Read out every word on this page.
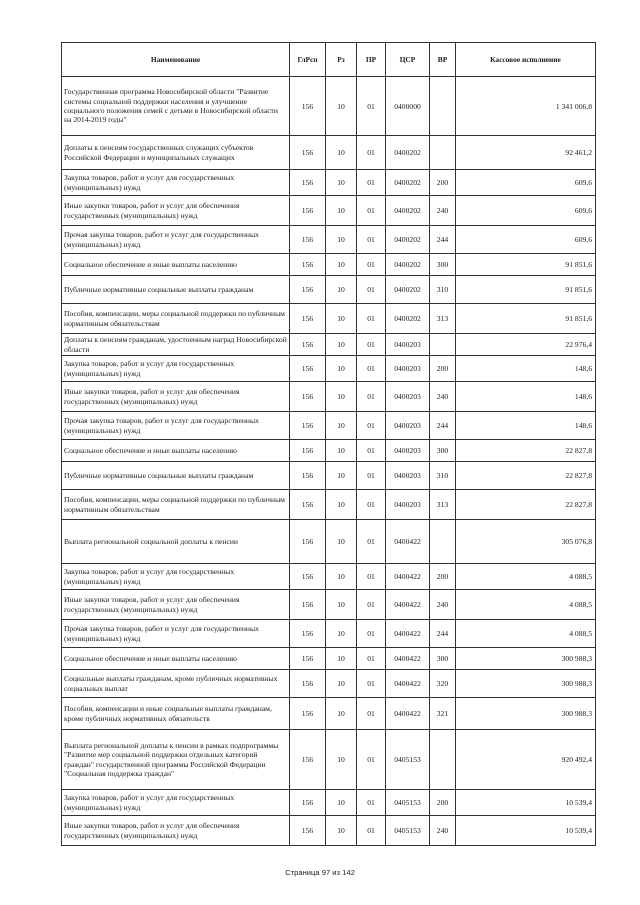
Наименование	ГлРсп	Рз	ПР	ЦСР	ВР	Кассовое исполнение
Государственная программа Новосибирской области "Развитие системы социальной поддержки населения и улучшение социального положения семей с детьми в Новосибирской области на 2014-2019 годы"	156	10	01	0400000		1 341 006,8
Доплаты к пенсиям государственных служащих субъектов Российской Федерации и муниципальных служащих	156	10	01	0400202		92 461,2
Закупка товаров, работ и услуг для государственных (муниципальных) нужд	156	10	01	0400202	200	609,6
Иные закупки товаров, работ и услуг для обеспечения государственных (муниципальных) нужд	156	10	01	0400202	240	609,6
Прочая закупка товаров, работ и услуг для государственных (муниципальных) нужд	156	10	01	0400202	244	609,6
Социальное обеспечение и иные выплаты населению	156	10	01	0400202	300	91 851,6
Публичные нормативные социальные выплаты гражданам	156	10	01	0400202	310	91 851,6
Пособия, компенсации, меры социальной поддержки по публичным нормативным обязательствам	156	10	01	0400202	313	91 851,6
Доплаты к пенсиям гражданам, удостоенным наград Новосибирской области	156	10	01	0400203		22 976,4
Закупка товаров, работ и услуг для государственных (муниципальных) нужд	156	10	01	0400203	200	148,6
Иные закупки товаров, работ и услуг для обеспечения государственных (муниципальных) нужд	156	10	01	0400203	240	148,6
Прочая закупка товаров, работ и услуг для государственных (муниципальных) нужд	156	10	01	0400203	244	148,6
Социальное обеспечение и иные выплаты населению	156	10	01	0400203	300	22 827,8
Публичные нормативные социальные выплаты гражданам	156	10	01	0400203	310	22 827,8
Пособия, компенсации, меры социальной поддержки по публичным нормативным обязательствам	156	10	01	0400203	313	22 827,8
Выплата региональной социальной доплаты к пенсии	156	10	01	0400422		305 076,8
Закупка товаров, работ и услуг для государственных (муниципальных) нужд	156	10	01	0400422	200	4 088,5
Иные закупки товаров, работ и услуг для обеспечения государственных (муниципальных) нужд	156	10	01	0400422	240	4 088,5
Прочая закупка товаров, работ и услуг для государственных (муниципальных) нужд	156	10	01	0400422	244	4 088,5
Социальное обеспечение и иные выплаты населению	156	10	01	0400422	300	300 988,3
Социальные выплаты гражданам, кроме публичных нормативных социальных выплат	156	10	01	0400422	320	300 988,3
Пособия, компенсации и иные социальные выплаты гражданам, кроме публичных нормативных обязательств	156	10	01	0400422	321	300 988,3
Выплата региональной доплаты к пенсии в рамках подпрограммы "Развитие мер социальной поддержки отдельных категорий граждан" государственной программы Российской Федерации "Социальная поддержка граждан"	156	10	01	0405153		920 492,4
Закупка товаров, работ и услуг для государственных (муниципальных) нужд	156	10	01	0405153	200	10 539,4
Иные закупки товаров, работ и услуг для обеспечения государственных (муниципальных) нужд	156	10	01	0405153	240	10 539,4
Страница 97 из 142
